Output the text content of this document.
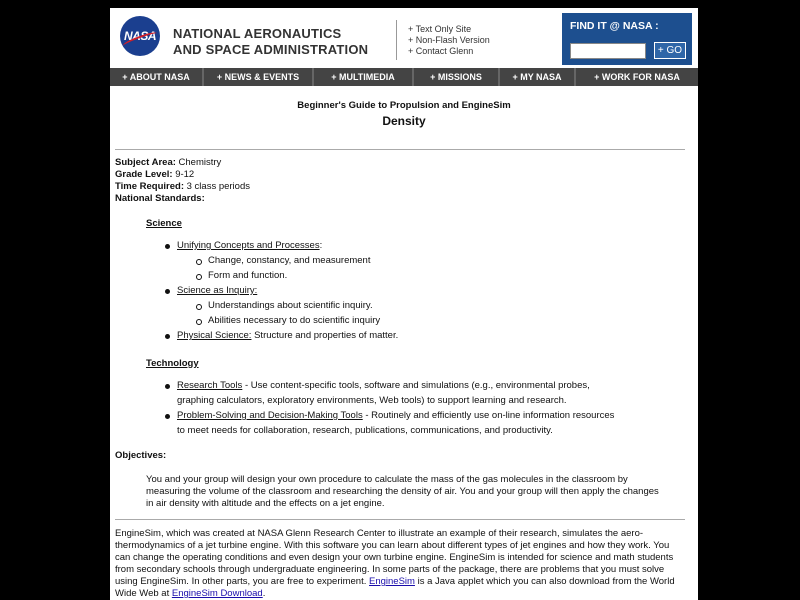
NASA	NATIONAL AERONAUTICS
AND SPACE ADMINISTRATION
+ Text Only Site
+ Non-Flash Version
+ Contact Glenn
FIND IT @ NASA :
+ GO
+ ABOUT NASA	+ NEWS & EVENTS	+ MULTIMEDIA	+ MISSIONS	+ MY NASA	+ WORK FOR NASA
Beginner's Guide to Propulsion and EngineSim
Density
Subject Area: Chemistry
Grade Level: 9-12
Time Required: 3 class periods
National Standards:
Science
Unifying Concepts and Processes:
Change, constancy, and measurement
Form and function.
Science as Inquiry:
Understandings about scientific inquiry.
Abilities necessary to do scientific inquiry
Physical Science: Structure and properties of matter.
Technology
Research Tools - Use content-specific tools, software and simulations (e.g., environmental probes,
graphing calculators, exploratory environments, Web tools) to support learning and research.
Problem-Solving and Decision-Making Tools - Routinely and efficiently use on-line information resources
to meet needs for collaboration, research, publications, communications, and productivity.
Objectives:
You and your group will design your own procedure to calculate the mass of the gas molecules in the classroom by measuring the volume of the classroom and researching the density of air. You and your group will then apply the changes in air density with altitude and the effects on a jet engine.
EngineSim, which was created at NASA Glenn Research Center to illustrate an example of their research, simulates the aero-thermodynamics of a jet turbine engine. With this software you can learn about different types of jet engines and how they work. You can change the operating conditions and even design your own turbine engine. EngineSim is intended for science and math students from secondary schools through undergraduate engineering. In some parts of the package, there are problems that you must solve using EngineSim. In other parts, you are free to experiment. EngineSim is a Java applet which you can also download from the World Wide Web at EngineSim Download.
